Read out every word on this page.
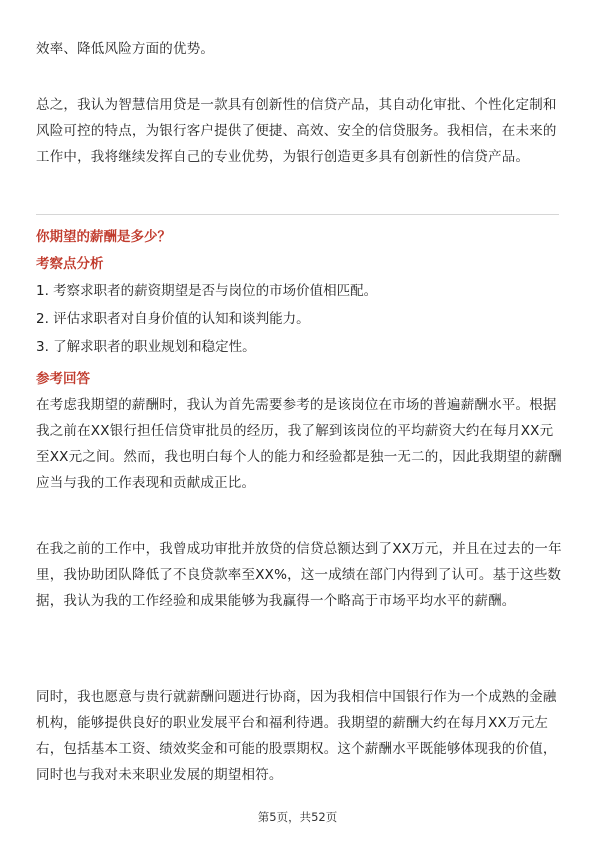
效率、降低风险方面的优势。

总之，我认为智慧信用贷是一款具有创新性的信贷产品，其自动化审批、个性化定制和风险可控的特点，为银行客户提供了便捷、高效、安全的信贷服务。我相信，在未来的工作中，我将继续发挥自己的专业优势，为银行创造更多具有创新性的信贷产品。

你期望的薪酬是多少？
考察点分析
1. 考察求职者的薪资期望是否与岗位的市场价值相匹配。
2. 评估求职者对自身价值的认知和谈判能力。
3. 了解求职者的职业规划和稳定性。
参考回答

在考虑我期望的薪酬时，我认为首先需要参考的是该岗位在市场的普遍薪酬水平。根据我之前在XX银行担任信贷审批员的经历，我了解到该岗位的平均薪资大约在每月XX元至XX元之间。然而，我也明白每个人的能力和经验都是独一无二的，因此我期望的薪酬应当与我的工作表现和贡献成正比。

在我之前的工作中，我曾成功审批并放贷的信贷总额达到了XX万元，并且在过去的一年里，我协助团队降低了不良贷款率至XX%，这一成绩在部门内得到了认可。基于这些数据，我认为我的工作经验和成果能够为我赢得一个略高于市场平均水平的薪酬。

同时，我也愿意与贵行就薪酬问题进行协商，因为我相信中国银行作为一个成熟的金融机构，能够提供良好的职业发展平台和福利待遇。我期望的薪酬大约在每月XX万元左右，包括基本工资、绩效奖金和可能的股票期权。这个薪酬水平既能够体现我的价值，同时也与我对未来职业发展的期望相符。

第5页，共52页
